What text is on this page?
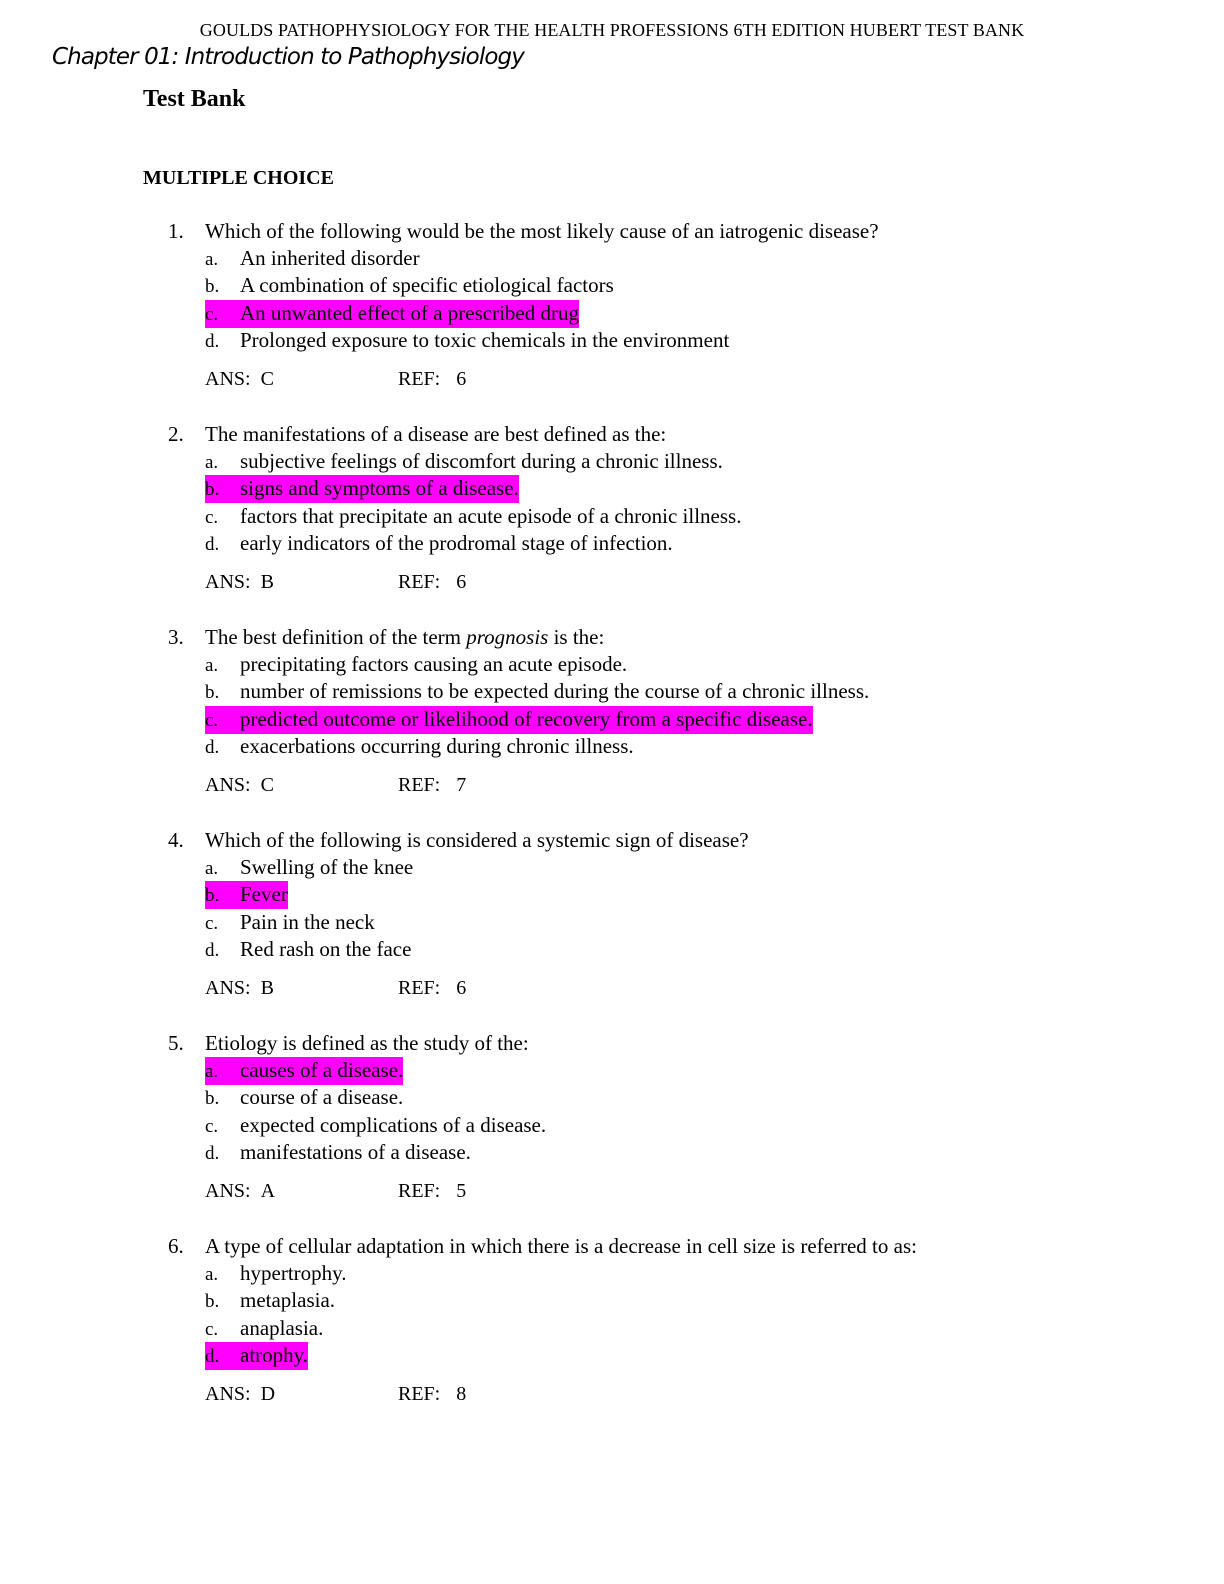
GOULDS PATHOPHYSIOLOGY FOR THE HEALTH PROFESSIONS 6TH EDITION HUBERT TEST BANK
Chapter 01: Introduction to Pathophysiology
Test Bank
MULTIPLE CHOICE
1. Which of the following would be the most likely cause of an iatrogenic disease?
a. An inherited disorder
b. A combination of specific etiological factors
c. An unwanted effect of a prescribed drug
d. Prolonged exposure to toxic chemicals in the environment
ANS: C	REF: 6
2. The manifestations of a disease are best defined as the:
a. subjective feelings of discomfort during a chronic illness.
b. signs and symptoms of a disease.
c. factors that precipitate an acute episode of a chronic illness.
d. early indicators of the prodromal stage of infection.
ANS: B	REF: 6
3. The best definition of the term prognosis is the:
a. precipitating factors causing an acute episode.
b. number of remissions to be expected during the course of a chronic illness.
c. predicted outcome or likelihood of recovery from a specific disease.
d. exacerbations occurring during chronic illness.
ANS: C	REF: 7
4. Which of the following is considered a systemic sign of disease?
a. Swelling of the knee
b. Fever
c. Pain in the neck
d. Red rash on the face
ANS: B	REF: 6
5. Etiology is defined as the study of the:
a. causes of a disease.
b. course of a disease.
c. expected complications of a disease.
d. manifestations of a disease.
ANS: A	REF: 5
6. A type of cellular adaptation in which there is a decrease in cell size is referred to as:
a. hypertrophy.
b. metaplasia.
c. anaplasia.
d. atrophy.
ANS: D	REF: 8
